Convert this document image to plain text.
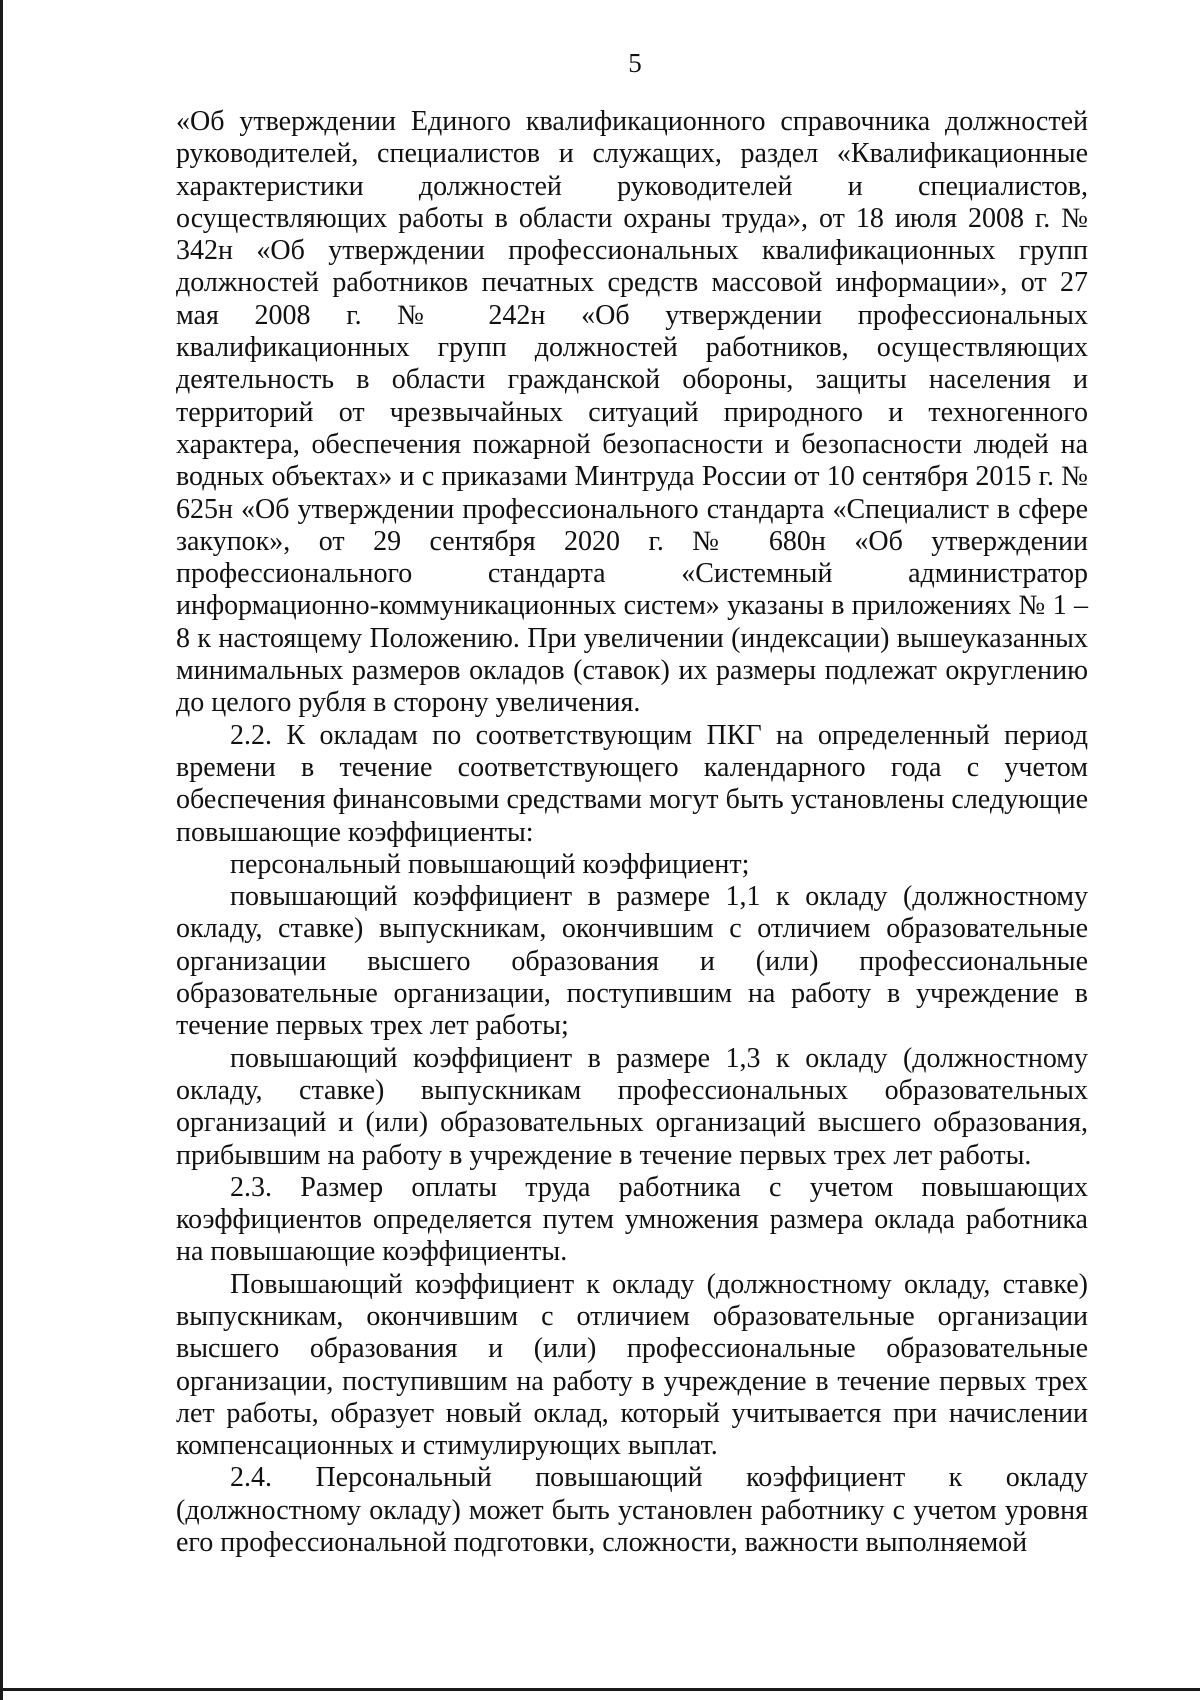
5

«Об утверждении Единого квалификационного справочника должностей руководителей, специалистов и служащих, раздел «Квалификационные характеристики должностей руководителей и специалистов, осуществляющих работы в области охраны труда», от 18 июля 2008 г. № 342н «Об утверждении профессиональных квалификационных групп должностей работников печатных средств массовой информации», от 27 мая 2008 г. № 242н «Об утверждении профессиональных квалификационных групп должностей работников, осуществляющих деятельность в области гражданской обороны, защиты населения и территорий от чрезвычайных ситуаций природного и техногенного характера, обеспечения пожарной безопасности и безопасности людей на водных объектах» и с приказами Минтруда России от 10 сентября 2015 г. № 625н «Об утверждении профессионального стандарта «Специалист в сфере закупок», от 29 сентября 2020 г. № 680н «Об утверждении профессионального стандарта «Системный администратор информационно-коммуникационных систем» указаны в приложениях № 1 – 8 к настоящему Положению. При увеличении (индексации) вышеуказанных минимальных размеров окладов (ставок) их размеры подлежат округлению до целого рубля в сторону увеличения.

2.2. К окладам по соответствующим ПКГ на определенный период времени в течение соответствующего календарного года с учетом обеспечения финансовыми средствами могут быть установлены следующие повышающие коэффициенты:

персональный повышающий коэффициент;

повышающий коэффициент в размере 1,1 к окладу (должностному окладу, ставке) выпускникам, окончившим с отличием образовательные организации высшего образования и (или) профессиональные образовательные организации, поступившим на работу в учреждение в течение первых трех лет работы;

повышающий коэффициент в размере 1,3 к окладу (должностному окладу, ставке) выпускникам профессиональных образовательных организаций и (или) образовательных организаций высшего образования, прибывшим на работу в учреждение в течение первых трех лет работы.

2.3. Размер оплаты труда работника с учетом повышающих коэффициентов определяется путем умножения размера оклада работника на повышающие коэффициенты.

Повышающий коэффициент к окладу (должностному окладу, ставке) выпускникам, окончившим с отличием образовательные организации высшего образования и (или) профессиональные образовательные организации, поступившим на работу в учреждение в течение первых трех лет работы, образует новый оклад, который учитывается при начислении компенсационных и стимулирующих выплат.

2.4. Персональный повышающий коэффициент к окладу (должностному окладу) может быть установлен работнику с учетом уровня его профессиональной подготовки, сложности, важности выполняемой
